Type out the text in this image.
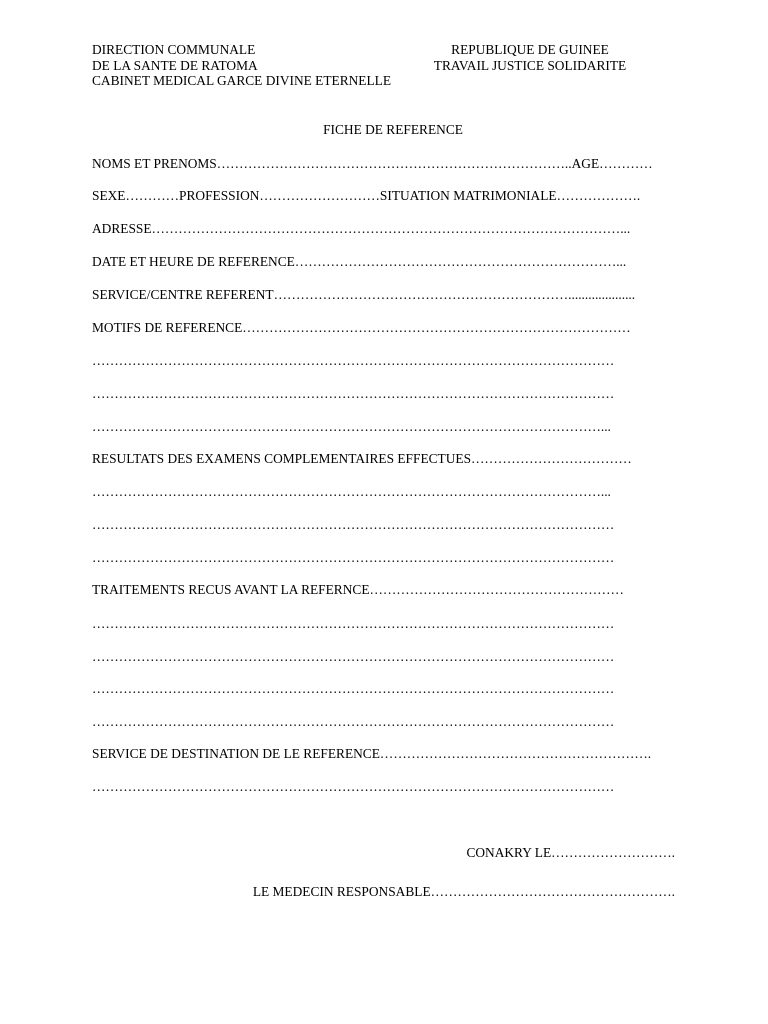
DIRECTION COMMUNALE
DE LA SANTE DE RATOMA
CABINET MEDICAL GARCE DIVINE ETERNELLE
REPUBLIQUE DE GUINEE
TRAVAIL JUSTICE SOLIDARITE
FICHE DE REFERENCE
NOMS ET PRENOMS……………………………………………………………………..AGE…………
SEXE…………PROFESSION………………………SITUATION MATRIMONIALE……………….
ADRESSE……………………………………………………………………………………………...
DATE ET HEURE DE REFERENCE………………………………………………………………...
SERVICE/CENTRE REFERENT…………………………………………………………....................
MOTIFS DE REFERENCE……………………………………………………………………………
………………………………………………………………………………………………………
………………………………………………………………………………………………………
……………………………………………………………………………………………………...
RESULTATS DES EXAMENS COMPLEMENTAIRES EFFECTUES………………………………
……………………………………………………………………………………………………...
………………………………………………………………………………………………………
………………………………………………………………………………………………………
TRAITEMENTS RECUS AVANT LA REFERNCE…………………………………………………
………………………………………………………………………………………………………
………………………………………………………………………………………………………
………………………………………………………………………………………………………
………………………………………………………………………………………………………
SERVICE DE DESTINATION DE LE REFERENCE…………………………………………………….
………………………………………………………………………………………………………
CONAKRY LE……………………….
LE MEDECIN RESPONSABLE……………………………………………….
